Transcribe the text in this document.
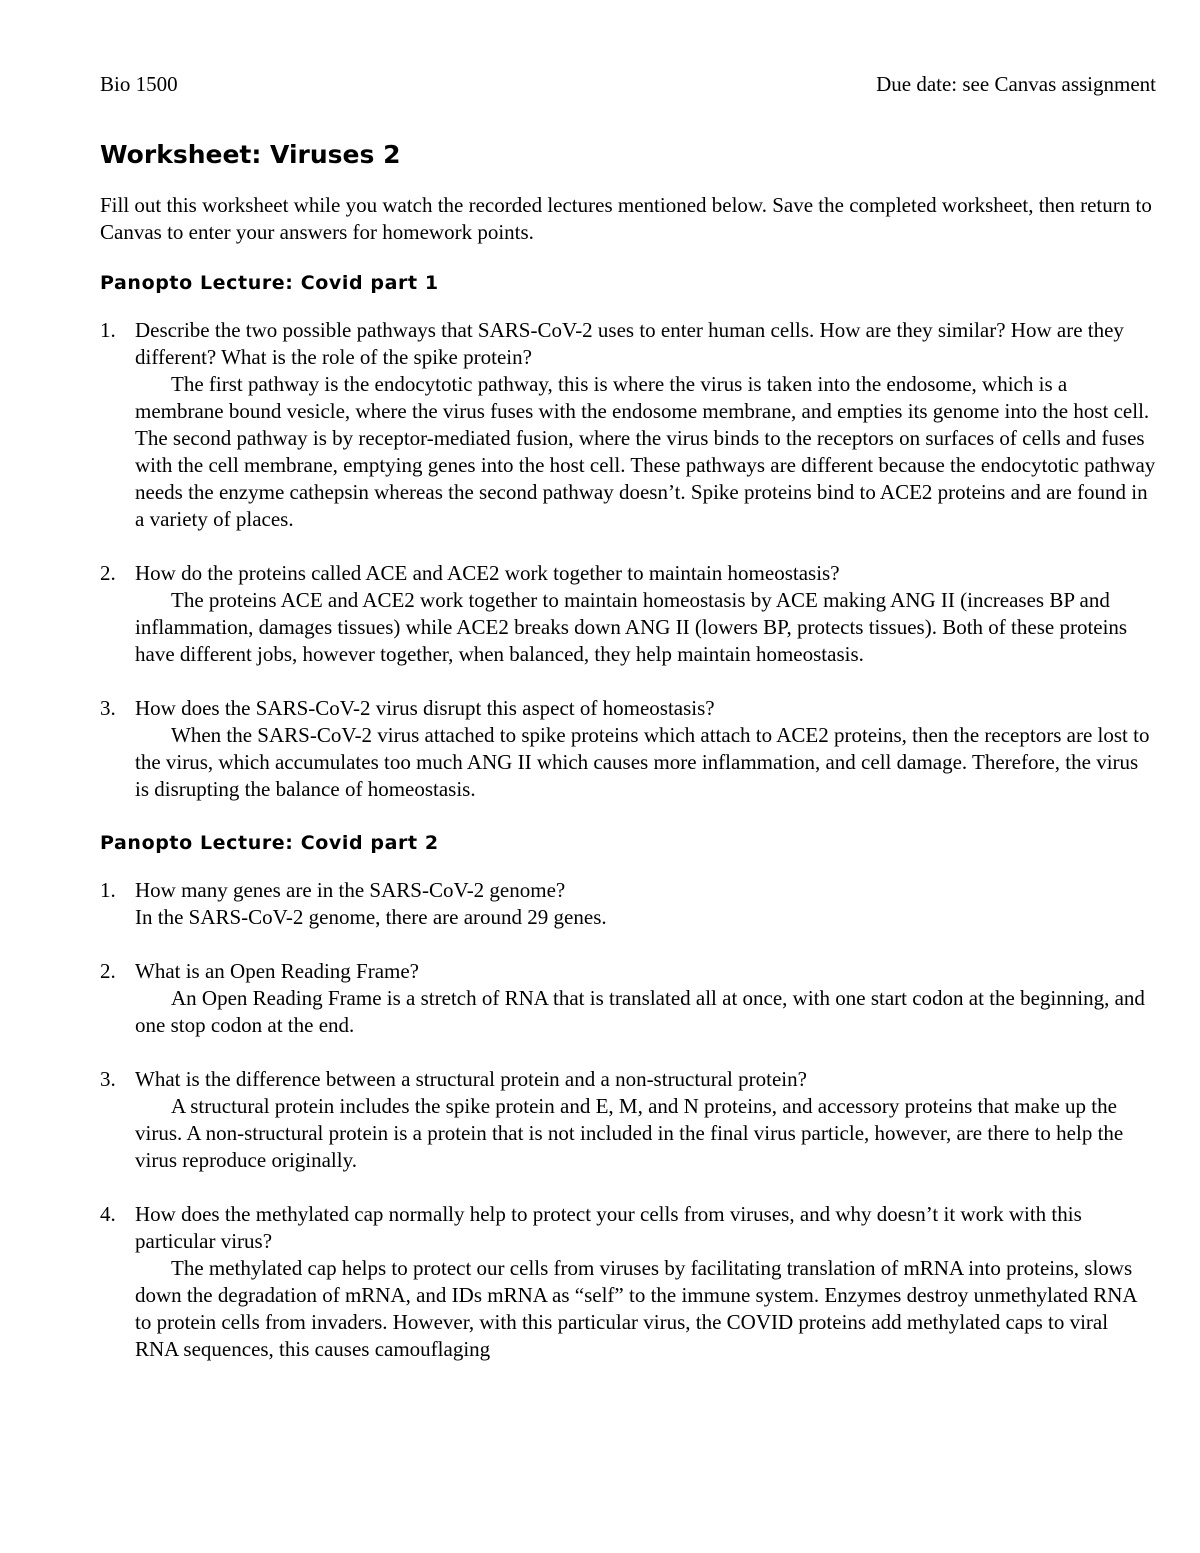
Bio 1500	Due date: see Canvas assignment
Worksheet: Viruses 2

Fill out this worksheet while you watch the recorded lectures mentioned below. Save the completed worksheet, then return to Canvas to enter your answers for homework points.

Panopto Lecture: Covid part 1
1. Describe the two possible pathways that SARS-CoV-2 uses to enter human cells. How are they similar? How are they different? What is the role of the spike protein?
The first pathway is the endocytotic pathway, this is where the virus is taken into the endosome, which is a membrane bound vesicle, where the virus fuses with the endosome membrane, and empties its genome into the host cell. The second pathway is by receptor-mediated fusion, where the virus binds to the receptors on surfaces of cells and fuses with the cell membrane, emptying genes into the host cell. These pathways are different because the endocytotic pathway needs the enzyme cathepsin whereas the second pathway doesn’t. Spike proteins bind to ACE2 proteins and are found in a variety of places.
2. How do the proteins called ACE and ACE2 work together to maintain homeostasis?
The proteins ACE and ACE2 work together to maintain homeostasis by ACE making ANG II (increases BP and inflammation, damages tissues) while ACE2 breaks down ANG II (lowers BP, protects tissues). Both of these proteins have different jobs, however together, when balanced, they help maintain homeostasis.
3. How does the SARS-CoV-2 virus disrupt this aspect of homeostasis?
When the SARS-CoV-2 virus attached to spike proteins which attach to ACE2 proteins, then the receptors are lost to the virus, which accumulates too much ANG II which causes more inflammation, and cell damage. Therefore, the virus is disrupting the balance of homeostasis.
Panopto Lecture: Covid part 2
1. How many genes are in the SARS-CoV-2 genome?
In the SARS-CoV-2 genome, there are around 29 genes.
2. What is an Open Reading Frame?
An Open Reading Frame is a stretch of RNA that is translated all at once, with one start codon at the beginning, and one stop codon at the end.
3. What is the difference between a structural protein and a non-structural protein?
A structural protein includes the spike protein and E, M, and N proteins, and accessory proteins that make up the virus. A non-structural protein is a protein that is not included in the final virus particle, however, are there to help the virus reproduce originally.
4. How does the methylated cap normally help to protect your cells from viruses, and why doesn’t it work with this particular virus?
The methylated cap helps to protect our cells from viruses by facilitating translation of mRNA into proteins, slows down the degradation of mRNA, and IDs mRNA as “self” to the immune system. Enzymes destroy unmethylated RNA to protein cells from invaders. However, with this particular virus, the COVID proteins add methylated caps to viral RNA sequences, this causes camouflaging
